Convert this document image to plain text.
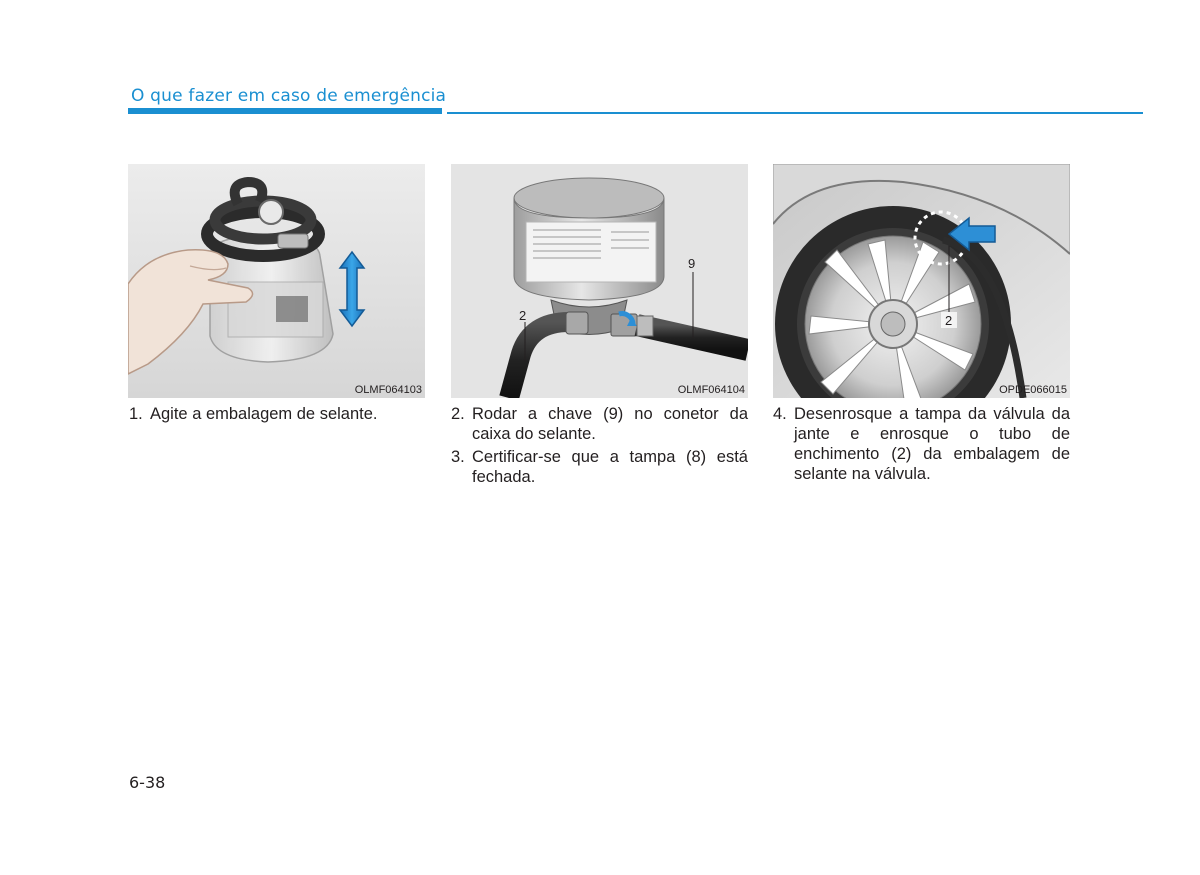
O que fazer em caso de emergência
OLMF064103
2
9
OLMF064104
2
OPDE066015
1. Agite a embalagem de selante.	2. Rodar a chave (9) no conetor da caixa do selante.
3. Certificar-se que a tampa (8) está fechada.
4. Desenrosque a tampa da válvula da jante e enrosque o tubo de enchimento (2) da embalagem de selante na válvula.
6-38
